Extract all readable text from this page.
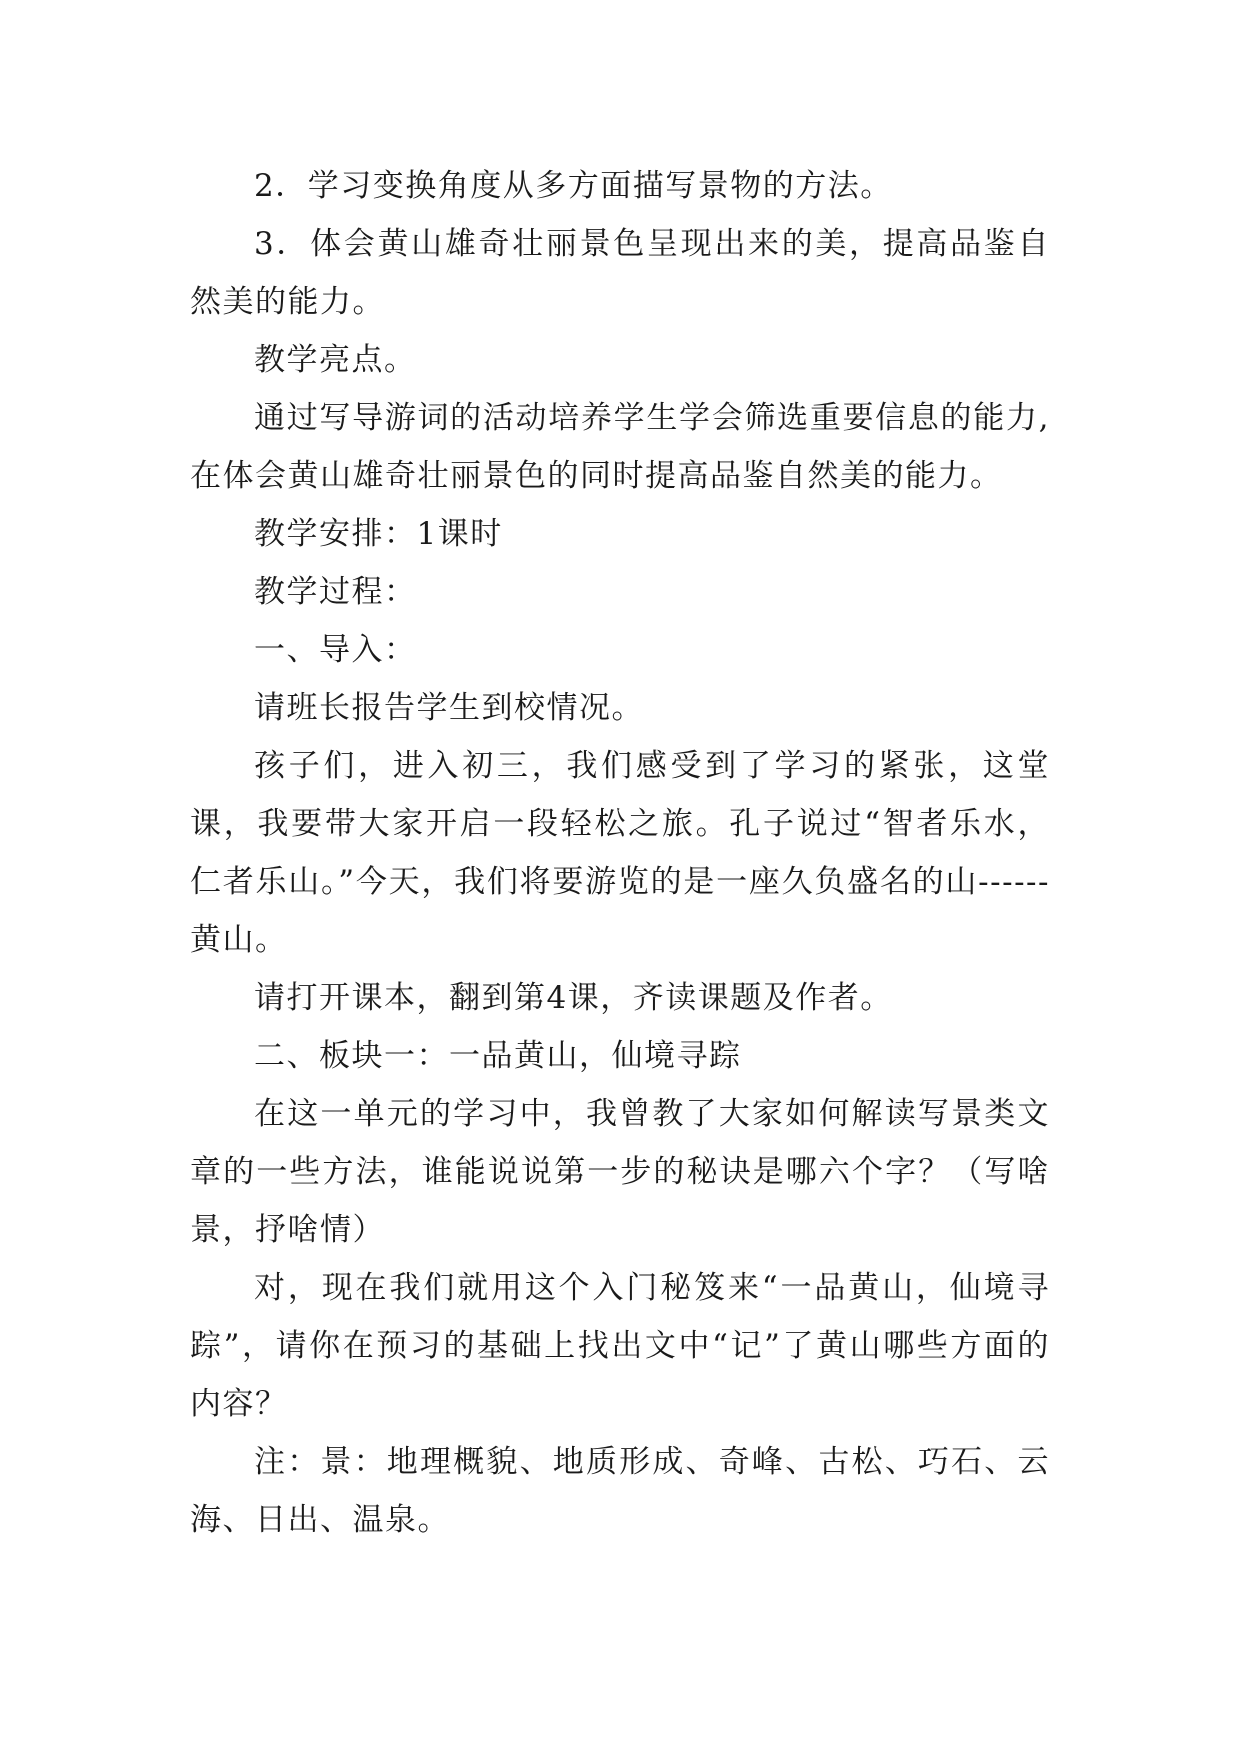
2．学习变换角度从多方面描写景物的方法。

3．体会黄山雄奇壮丽景色呈现出来的美，提高品鉴自然美的能力。

教学亮点。

通过写导游词的活动培养学生学会筛选重要信息的能力,在体会黄山雄奇壮丽景色的同时提高品鉴自然美的能力。

教学安排：1课时

教学过程：

一、导入：

请班长报告学生到校情况。

孩子们，进入初三，我们感受到了学习的紧张，这堂课，我要带大家开启一段轻松之旅。孔子说过“智者乐水，仁者乐山。”今天，我们将要游览的是一座久负盛名的山------黄山。

请打开课本，翻到第4课，齐读课题及作者。

二、板块一：一品黄山，仙境寻踪

在这一单元的学习中，我曾教了大家如何解读写景类文章的一些方法，谁能说说第一步的秘诀是哪六个字？（写啥景，抒啥情）

对，现在我们就用这个入门秘笈来“一品黄山，仙境寻踪”，请你在预习的基础上找出文中“记”了黄山哪些方面的内容？

注：景：地理概貌、地质形成、奇峰、古松、巧石、云海、日出、温泉。
